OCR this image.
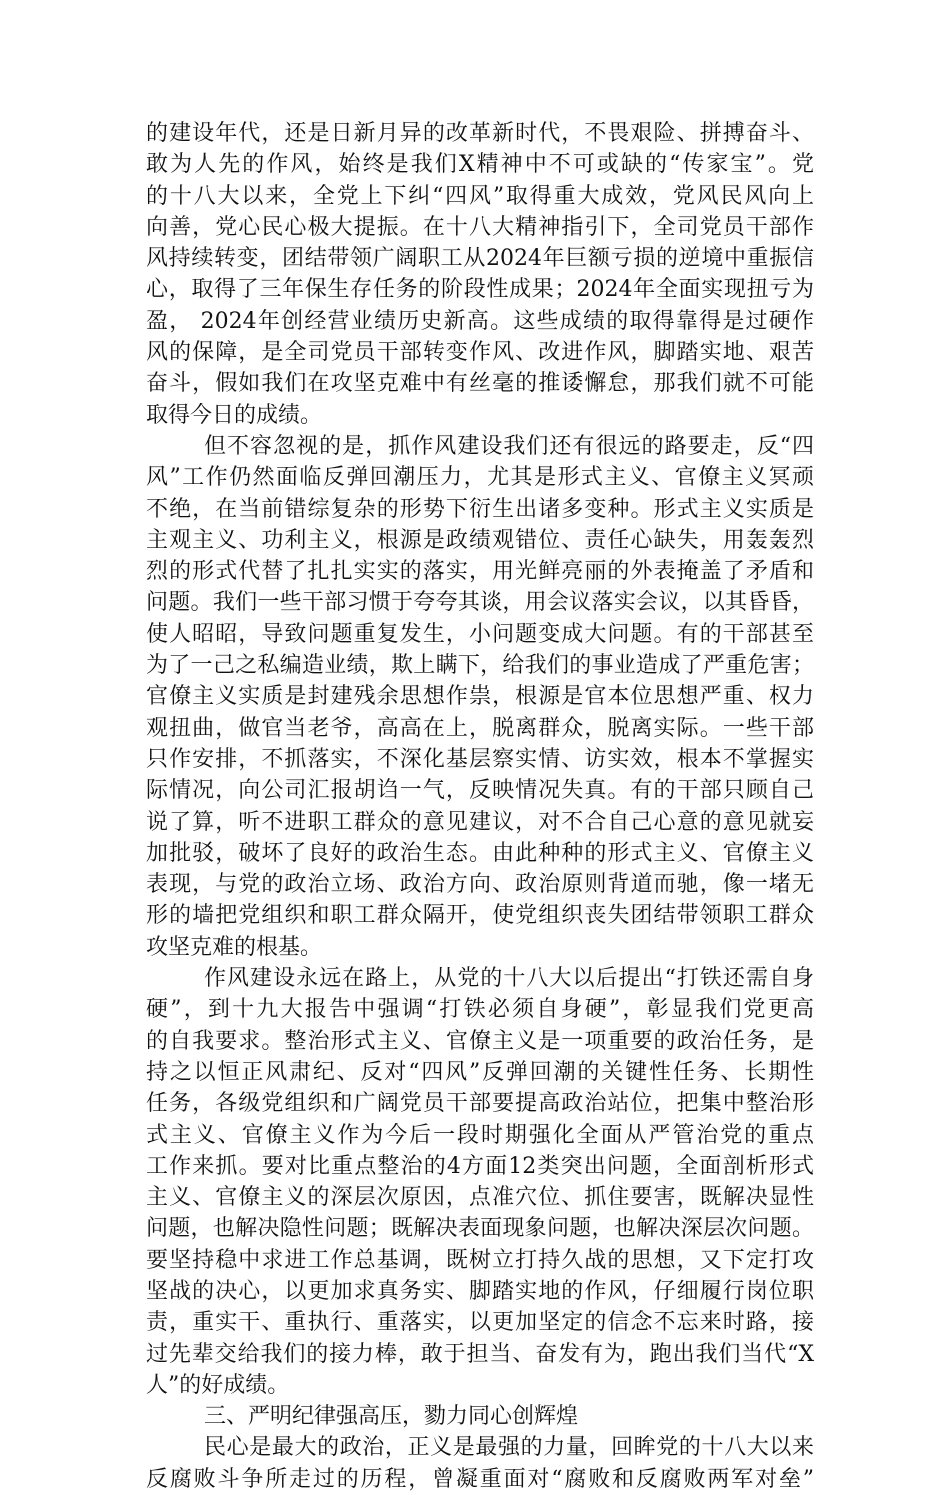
的建设年代，还是日新月异的改革新时代，不畏艰险、拼搏奋斗、
敢为人先的作风，始终是我们X精神中不可或缺的“传家宝”。党
的十八大以来，全党上下纠“四风”取得重大成效，党风民风向上
向善，党心民心极大提振。在十八大精神指引下，全司党员干部作
风持续转变，团结带领广阔职工从2024年巨额亏损的逆境中重振信
心，取得了三年保生存任务的阶段性成果；2024年全面实现扭亏为
盈， 2024年创经营业绩历史新高。这些成绩的取得靠得是过硬作
风的保障，是全司党员干部转变作风、改进作风，脚踏实地、艰苦
奋斗，假如我们在攻坚克难中有丝毫的推诿懈怠，那我们就不可能
取得今日的成绩。
但不容忽视的是，抓作风建设我们还有很远的路要走，反“四
风”工作仍然面临反弹回潮压力，尤其是形式主义、官僚主义冥顽
不绝，在当前错综复杂的形势下衍生出诸多变种。形式主义实质是
主观主义、功利主义，根源是政绩观错位、责任心缺失，用轰轰烈
烈的形式代替了扎扎实实的落实，用光鲜亮丽的外表掩盖了矛盾和
问题。我们一些干部习惯于夸夸其谈，用会议落实会议，以其昏昏，
使人昭昭，导致问题重复发生，小问题变成大问题。有的干部甚至
为了一己之私编造业绩，欺上瞒下，给我们的事业造成了严重危害；
官僚主义实质是封建残余思想作祟，根源是官本位思想严重、权力
观扭曲，做官当老爷，高高在上，脱离群众，脱离实际。一些干部
只作安排，不抓落实，不深化基层察实情、访实效，根本不掌握实
际情况，向公司汇报胡诌一气，反映情况失真。有的干部只顾自己
说了算，听不进职工群众的意见建议，对不合自己心意的意见就妄
加批驳，破坏了良好的政治生态。由此种种的形式主义、官僚主义
表现，与党的政治立场、政治方向、政治原则背道而驰，像一堵无
形的墙把党组织和职工群众隔开，使党组织丧失团结带领职工群众
攻坚克难的根基。
作风建设永远在路上，从党的十八大以后提出“打铁还需自身
硬”，到十九大报告中强调“打铁必须自身硬”，彰显我们党更高
的自我要求。整治形式主义、官僚主义是一项重要的政治任务，是
持之以恒正风肃纪、反对“四风”反弹回潮的关键性任务、长期性
任务，各级党组织和广阔党员干部要提高政治站位，把集中整治形
式主义、官僚主义作为今后一段时期强化全面从严管治党的重点
工作来抓。要对比重点整治的4方面12类突出问题，全面剖析形式
主义、官僚主义的深层次原因，点准穴位、抓住要害，既解决显性
问题，也解决隐性问题；既解决表面现象问题，也解决深层次问题。
要坚持稳中求进工作总基调，既树立打持久战的思想，又下定打攻
坚战的决心，以更加求真务实、脚踏实地的作风，仔细履行岗位职
责，重实干、重执行、重落实，以更加坚定的信念不忘来时路，接
过先辈交给我们的接力棒，敢于担当、奋发有为，跑出我们当代“X
人”的好成绩。
三、严明纪律强高压，勠力同心创辉煌
民心是最大的政治，正义是最强的力量，回眸党的十八大以来
反腐败斗争所走过的历程，曾凝重面对“腐败和反腐败两军对垒”
